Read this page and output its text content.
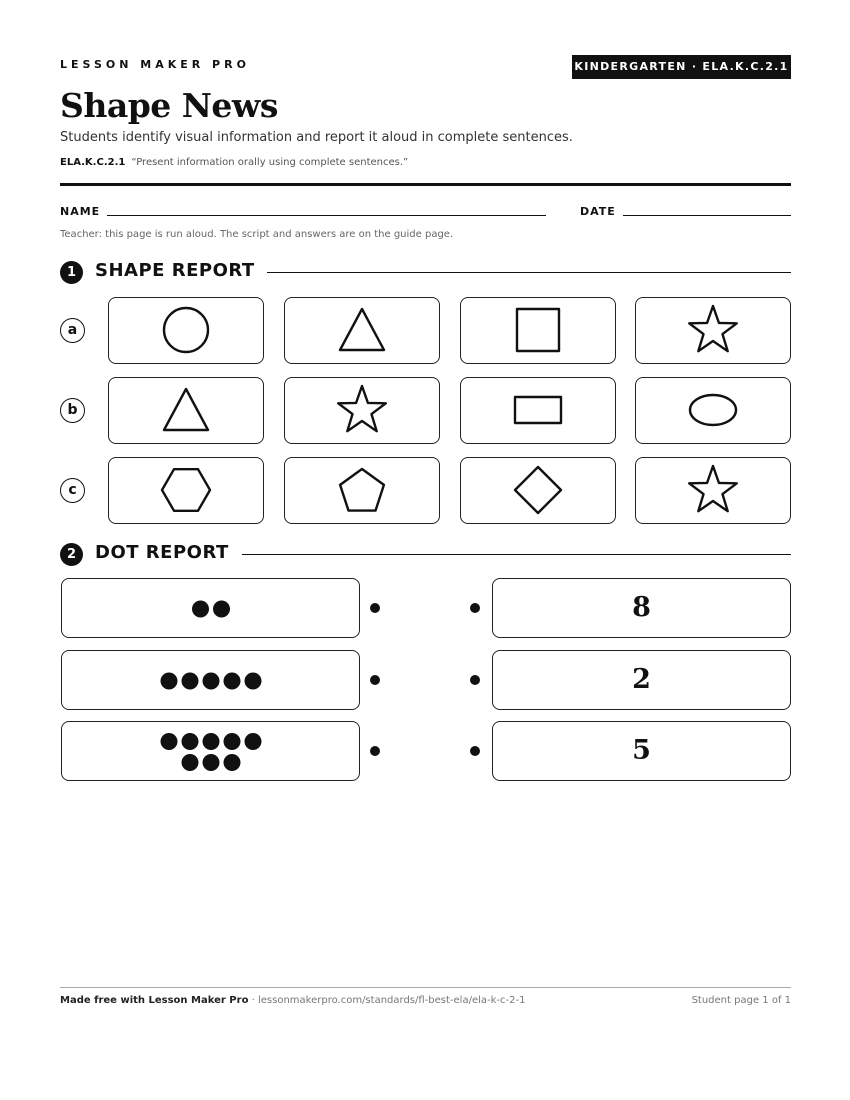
LESSON MAKER PRO	KINDERGARTEN · ELA.K.C.2.1
Shape News
Students identify visual information and report it aloud in complete sentences.
ELA.K.C.2.1 “Present information orally using complete sentences.”
NAME	DATE
Teacher: this page is run aloud. The script and answers are on the guide page.
1	SHAPE REPORT
a
b
c
2	DOT REPORT
8
2
5
Made free with Lesson Maker Pro · lessonmakerpro.com/standards/fl-best-ela/ela-k-c-2-1	Student page 1 of 1
